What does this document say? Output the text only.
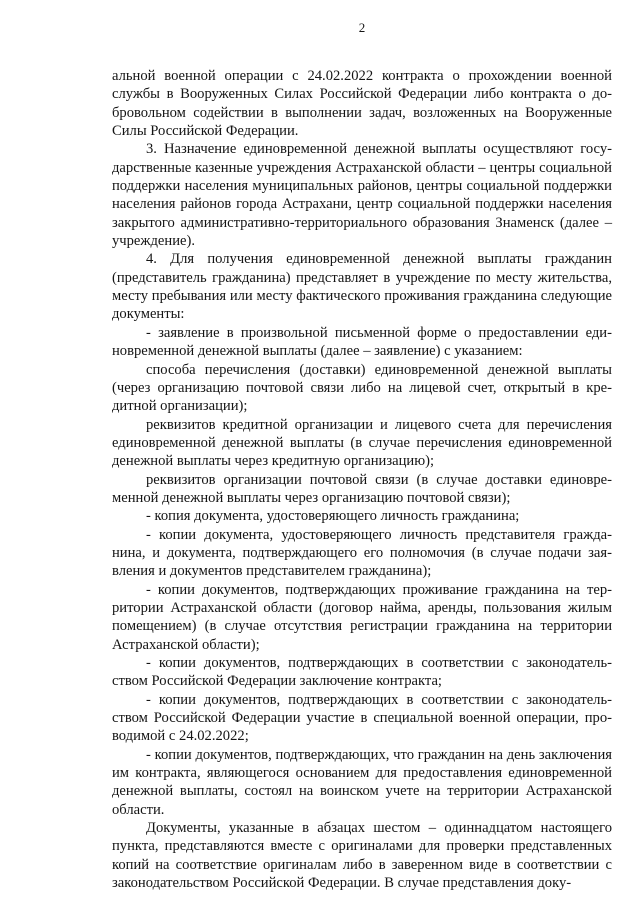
2

альной военной операции с 24.02.2022 контракта о прохождении военной службы в Вооруженных Силах Российской Федерации либо контракта о добровольном содействии в выполнении задач, возложенных на Вооруженные Силы Российской Федерации.

3. Назначение единовременной денежной выплаты осуществляют государственные казенные учреждения Астраханской области – центры социальной поддержки населения муниципальных районов, центры социальной поддержки населения районов города Астрахани, центр социальной поддержки населения закрытого административно-территориального образования Знаменск (далее – учреждение).

4. Для получения единовременной денежной выплаты гражданин (представитель гражданина) представляет в учреждение по месту жительства, месту пребывания или месту фактического проживания гражданина следующие документы:

- заявление в произвольной письменной форме о предоставлении единовременной денежной выплаты (далее – заявление) с указанием:

способа перечисления (доставки) единовременной денежной выплаты (через организацию почтовой связи либо на лицевой счет, открытый в кредитной организации);

реквизитов кредитной организации и лицевого счета для перечисления единовременной денежной выплаты (в случае перечисления единовременной денежной выплаты через кредитную организацию);

реквизитов организации почтовой связи (в случае доставки единовременной денежной выплаты через организацию почтовой связи);

- копия документа, удостоверяющего личность гражданина;

- копии документа, удостоверяющего личность представителя гражданина, и документа, подтверждающего его полномочия (в случае подачи заявления и документов представителем гражданина);

- копии документов, подтверждающих проживание гражданина на территории Астраханской области (договор найма, аренды, пользования жилым помещением) (в случае отсутствия регистрации гражданина на территории Астраханской области);

- копии документов, подтверждающих в соответствии с законодательством Российской Федерации заключение контракта;

- копии документов, подтверждающих в соответствии с законодательством Российской Федерации участие в специальной военной операции, проводимой с 24.02.2022;

- копии документов, подтверждающих, что гражданин на день заключения им контракта, являющегося основанием для предоставления единовременной денежной выплаты, состоял на воинском учете на территории Астраханской области.

Документы, указанные в абзацах шестом – одиннадцатом настоящего пункта, представляются вместе с оригиналами для проверки представленных копий на соответствие оригиналам либо в заверенном виде в соответствии с законодательством Российской Федерации. В случае представления доку-
